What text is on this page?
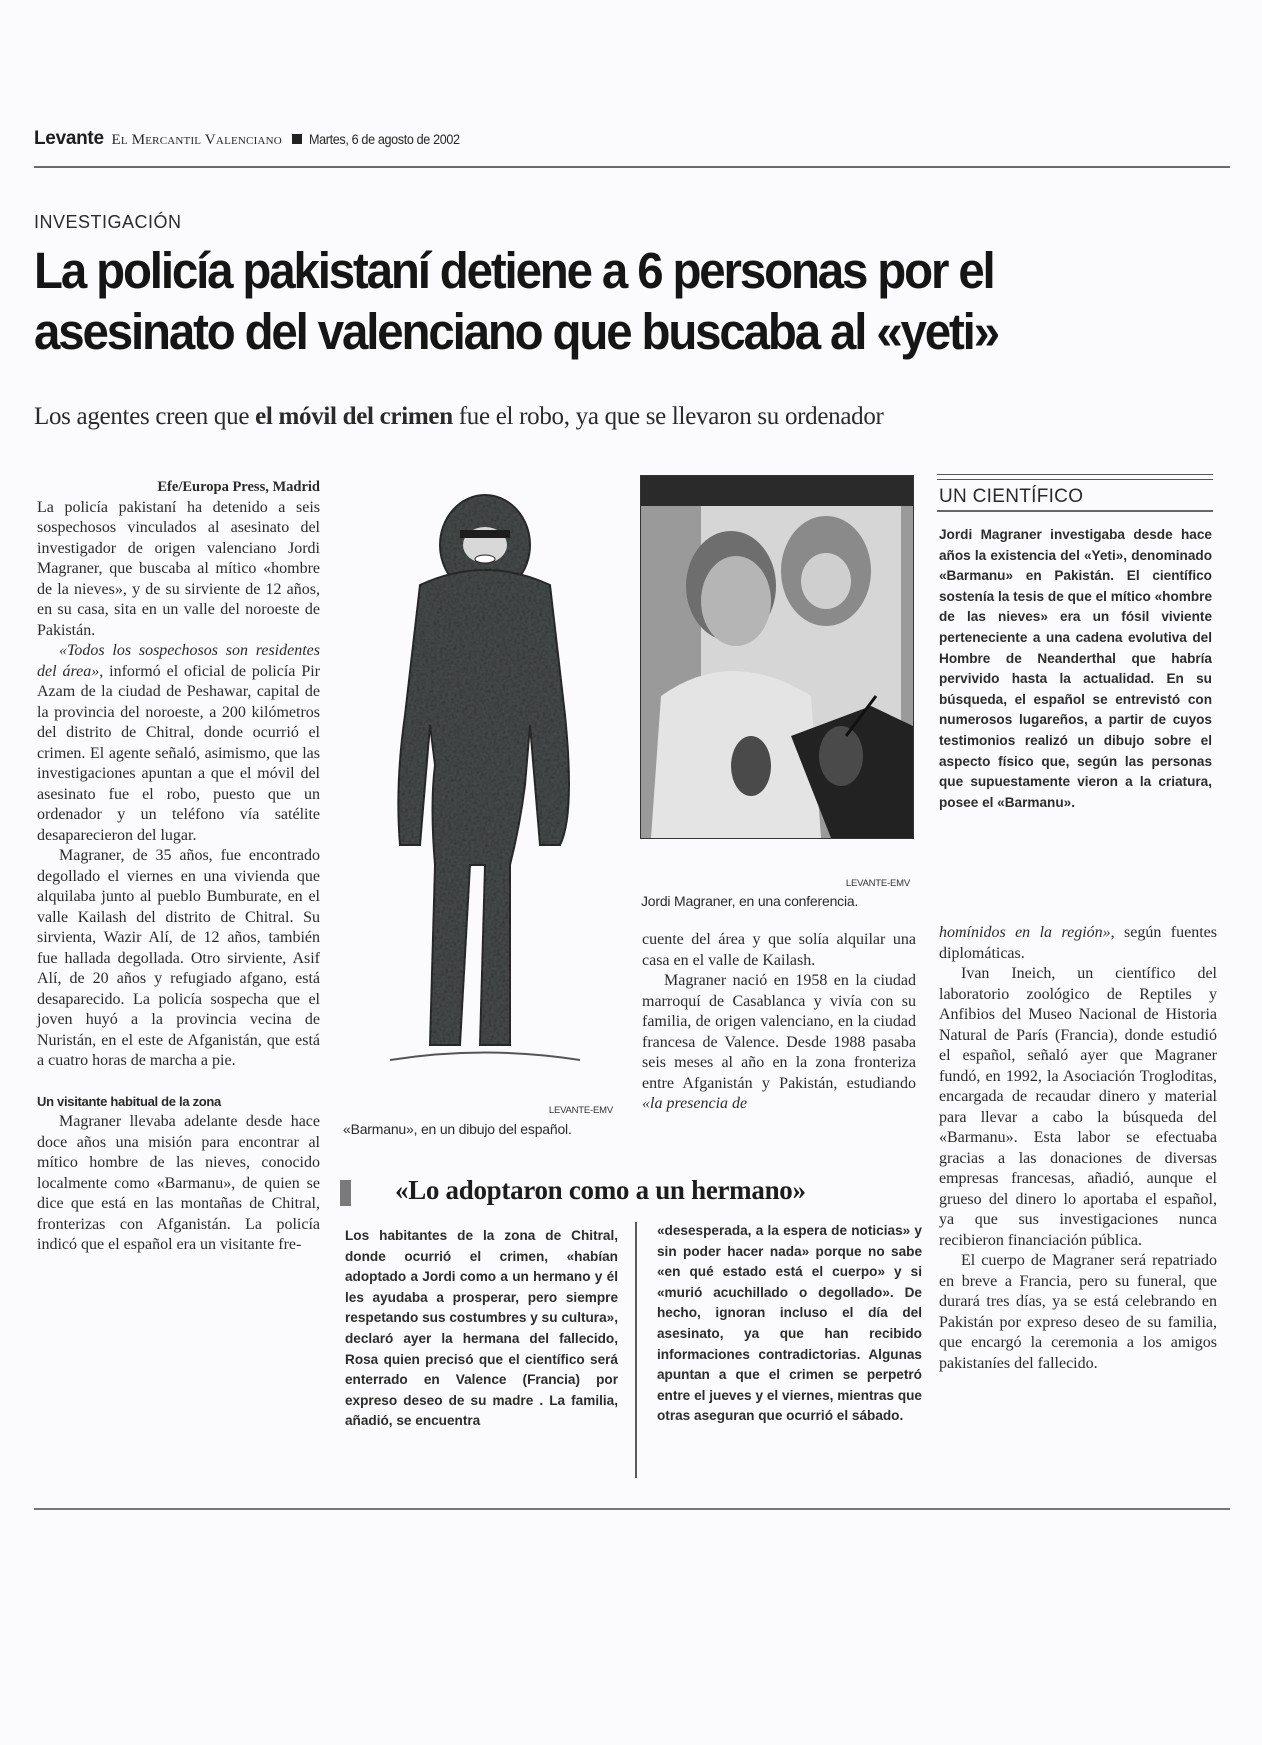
Levante El Mercantil Valenciano Martes, 6 de agosto de 2002
INVESTIGACIÓN
La policía pakistaní detiene a 6 personas por el asesinato del valenciano que buscaba al «yeti»
Los agentes creen que el móvil del crimen fue el robo, ya que se llevaron su ordenador
Efe/Europa Press, Madrid

La policía pakistaní ha detenido a seis sospechosos vinculados al asesinato del investigador de origen valenciano Jordi Magraner, que buscaba al mítico «hombre de la nieves», y de su sirviente de 12 años, en su casa, sita en un valle del noroeste de Pakistán.

«Todos los sospechosos son residentes del área», informó el oficial de policía Pir Azam de la ciudad de Peshawar, capital de la provincia del noroeste, a 200 kilómetros del distrito de Chitral, donde ocurrió el crimen. El agente señaló, asimismo, que las investigaciones apuntan a que el móvil del asesinato fue el robo, puesto que un ordenador y un teléfono vía satélite desaparecieron del lugar.

Magraner, de 35 años, fue encontrado degollado el viernes en una vivienda que alquilaba junto al pueblo Bumburate, en el valle Kailash del distrito de Chitral. Su sirvienta, Wazir Alí, de 12 años, también fue hallada degollada. Otro sirviente, Asif Alí, de 20 años y refugiado afgano, está desaparecido. La policía sospecha que el joven huyó a la provincia vecina de Nuristán, en el este de Afganistán, que está a cuatro horas de marcha a pie.

Un visitante habitual de la zona

Magraner llevaba adelante desde hace doce años una misión para encontrar al mítico hombre de las nieves, conocido localmente como «Barmanu», de quien se dice que está en las montañas de Chitral, fronterizas con Afganistán. La policía indicó que el español era un visitante fre-

LEVANTE-EMV
«Barmanu», en un dibujo del español.
LEVANTE-EMV
Jordi Magraner, en una conferencia.

cuente del área y que solía alquilar una casa en el valle de Kailash.

Magraner nació en 1958 en la ciudad marroquí de Casablanca y vivía con su familia, de origen valenciano, en la ciudad francesa de Valence. Desde 1988 pasaba seis meses al año en la zona fronteriza entre Afganistán y Pakistán, estudiando «la presencia de

UN CIENTÍFICO
Jordi Magraner investigaba desde hace años la existencia del «Yeti», denominado «Barmanu» en Pakistán. El científico sostenía la tesis de que el mítico «hombre de las nieves» era un fósil viviente perteneciente a una cadena evolutiva del Hombre de Neanderthal que habría pervivido hasta la actualidad. En su búsqueda, el español se entrevistó con numerosos lugareños, a partir de cuyos testimonios realizó un dibujo sobre el aspecto físico que, según las personas que supuestamente vieron a la criatura, posee el «Barmanu».

homínidos en la región», según fuentes diplomáticas.

Ivan Ineich, un científico del laboratorio zoológico de Reptiles y Anfibios del Museo Nacional de Historia Natural de París (Francia), donde estudió el español, señaló ayer que Magraner fundó, en 1992, la Asociación Trogloditas, encargada de recaudar dinero y material para llevar a cabo la búsqueda del «Barmanu». Esta labor se efectuaba gracias a las donaciones de diversas empresas francesas, añadió, aunque el grueso del dinero lo aportaba el español, ya que sus investigaciones nunca recibieron financiación pública.

El cuerpo de Magraner será repatriado en breve a Francia, pero su funeral, que durará tres días, ya se está celebrando en Pakistán por expreso deseo de su familia, que encargó la ceremonia a los amigos pakistaníes del fallecido.

«Lo adoptaron como a un hermano»
Los habitantes de la zona de Chitral, donde ocurrió el crimen, «habían adoptado a Jordi como a un hermano y él les ayudaba a prosperar, pero siempre respetando sus costumbres y su cultura», declaró ayer la hermana del fallecido, Rosa quien precisó que el científico será enterrado en Valence (Francia) por expreso deseo de su madre . La familia, añadió, se encuentra
«desesperada, a la espera de noticias» y sin poder hacer nada» porque no sabe «en qué estado está el cuerpo» y si «murió acuchillado o degollado». De hecho, ignoran incluso el día del asesinato, ya que han recibido informaciones contradictorias. Algunas apuntan a que el crimen se perpetró entre el jueves y el viernes, mientras que otras aseguran que ocurrió el sábado.
